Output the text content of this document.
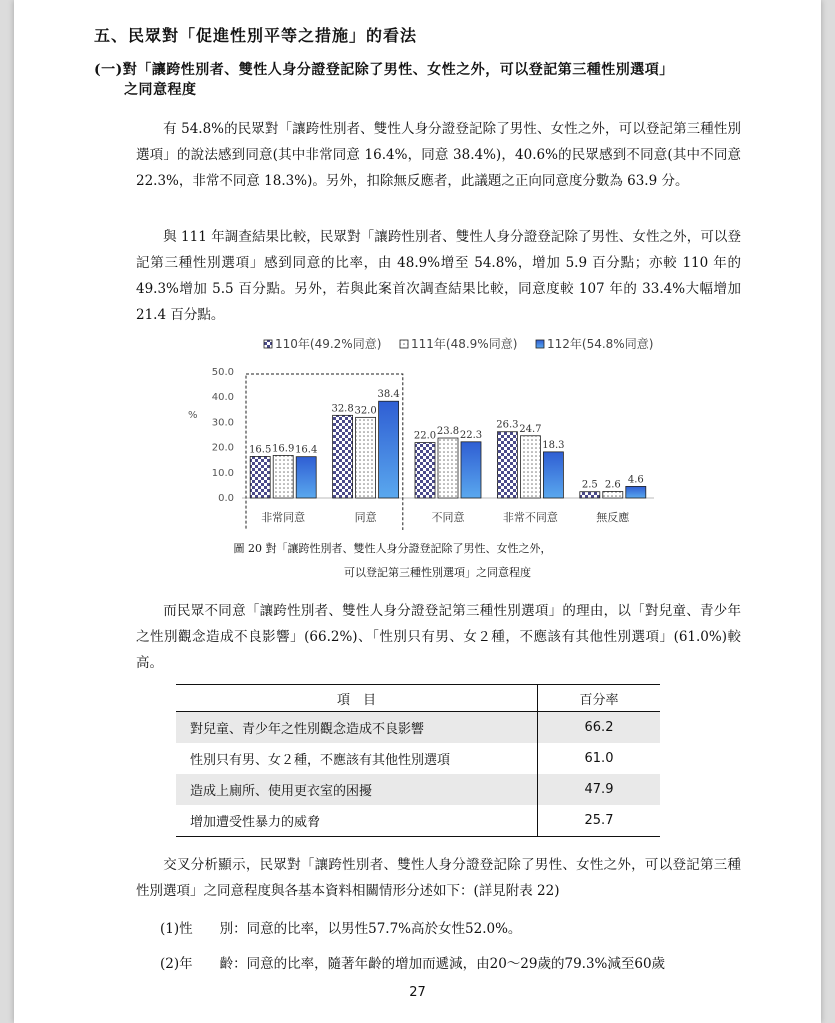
五、民眾對「促進性別平等之措施」的看法
(一)對「讓跨性別者、雙性人身分證登記除了男性、女性之外，可以登記第三種性別選項」
之同意程度
有 54.8%的民眾對「讓跨性別者、雙性人身分證登記除了男性、女性之外，可以登記第三種性別選項」的說法感到同意(其中非常同意 16.4%，同意 38.4%)，40.6%的民眾感到不同意(其中不同意 22.3%，非常不同意 18.3%)。另外，扣除無反應者，此議題之正向同意度分數為 63.9 分。
與 111 年調查結果比較，民眾對「讓跨性別者、雙性人身分證登記除了男性、女性之外，可以登記第三種性別選項」感到同意的比率，由 48.9%增至 54.8%，增加 5.9 百分點；亦較 110 年的 49.3%增加 5.5 百分點。另外，若與此案首次調查結果比較，同意度較 107 年的 33.4%大幅增加 21.4 百分點。
110年(49.2%同意) 111年(48.9%同意) 112年(54.8%同意)
0.0
10.0
20.0
30.0
40.0
50.0
%
16.5 16.9 16.4
非常同意
32.8 32.0
38.4
同意
22.0 23.8 22.3
不同意
26.3 24.7
18.3
非常不同意
2.5 2.6 4.6
無反應
圖 20 對「讓跨性別者、雙性人身分證登記除了男性、女性之外，
可以登記第三種性別選項」之同意程度
而民眾不同意「讓跨性別者、雙性人身分證登記第三種性別選項」的理由，以「對兒童、青少年之性別觀念造成不良影響」(66.2%)、「性別只有男、女２種，不應該有其他性別選項」(61.0%)較高。
項　目	百分率
對兒童、青少年之性別觀念造成不良影響	66.2
性別只有男、女２種，不應該有其他性別選項	61.0
造成上廁所、使用更衣室的困擾	47.9
增加遭受性暴力的威脅	25.7
交叉分析顯示，民眾對「讓跨性別者、雙性人身分證登記除了男性、女性之外，可以登記第三種性別選項」之同意程度與各基本資料相關情形分述如下：(詳見附表 22)
(1)性　　別：同意的比率，以男性57.7%高於女性52.0%。
(2)年　　齡：同意的比率，隨著年齡的增加而遞減，由20～29歲的79.3%減至60歲
27
